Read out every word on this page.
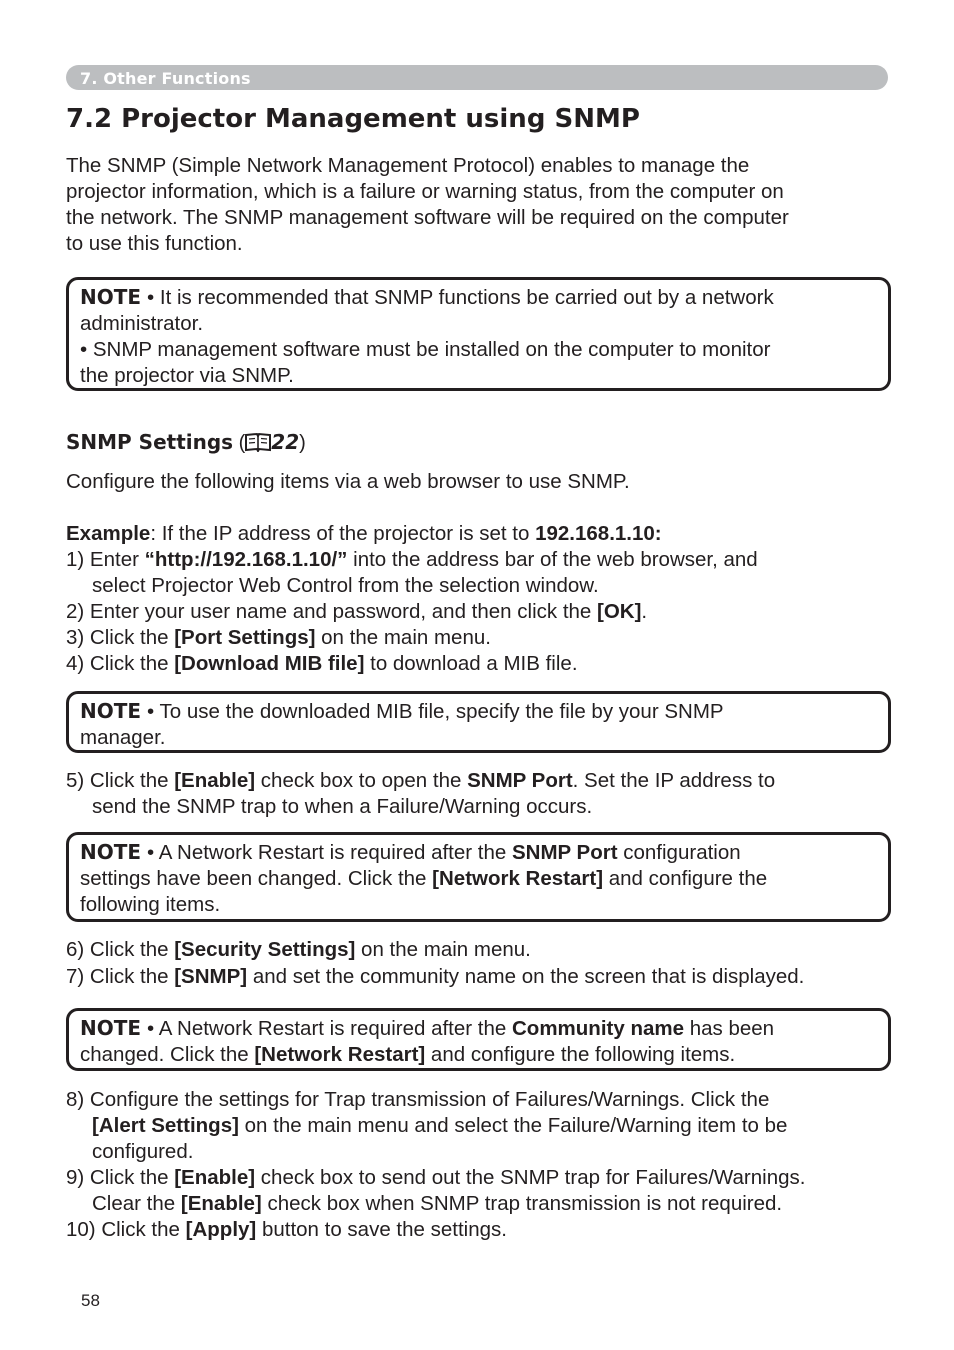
7. Other Functions
7.2 Projector Management using SNMP
The SNMP (Simple Network Management Protocol) enables to manage the
projector information, which is a failure or warning status, from the computer on
the network. The SNMP management software will be required on the computer
to use this function.
NOTE • It is recommended that SNMP functions be carried out by a network
administrator.
• SNMP management software must be installed on the computer to monitor
the projector via SNMP.
SNMP Settings ( 22)
Configure the following items via a web browser to use SNMP.
Example: If the IP address of the projector is set to 192.168.1.10:
1) Enter “http://192.168.1.10/” into the address bar of the web browser, and
select Projector Web Control from the selection window.
2) Enter your user name and password, and then click the [OK].
3) Click the [Port Settings] on the main menu.
4) Click the [Download MIB file] to download a MIB file.
NOTE • To use the downloaded MIB file, specify the file by your SNMP
manager.
5) Click the [Enable] check box to open the SNMP Port. Set the IP address to
send the SNMP trap to when a Failure/Warning occurs.
NOTE • A Network Restart is required after the SNMP Port configuration
settings have been changed. Click the [Network Restart] and configure the
following items.
6) Click the [Security Settings] on the main menu.
7) Click the [SNMP] and set the community name on the screen that is displayed.
NOTE • A Network Restart is required after the Community name has been
changed. Click the [Network Restart] and configure the following items.
8) Configure the settings for Trap transmission of Failures/Warnings. Click the
[Alert Settings] on the main menu and select the Failure/Warning item to be
configured.
9) Click the [Enable] check box to send out the SNMP trap for Failures/Warnings.
Clear the [Enable] check box when SNMP trap transmission is not required.
10) Click the [Apply] button to save the settings.
58
